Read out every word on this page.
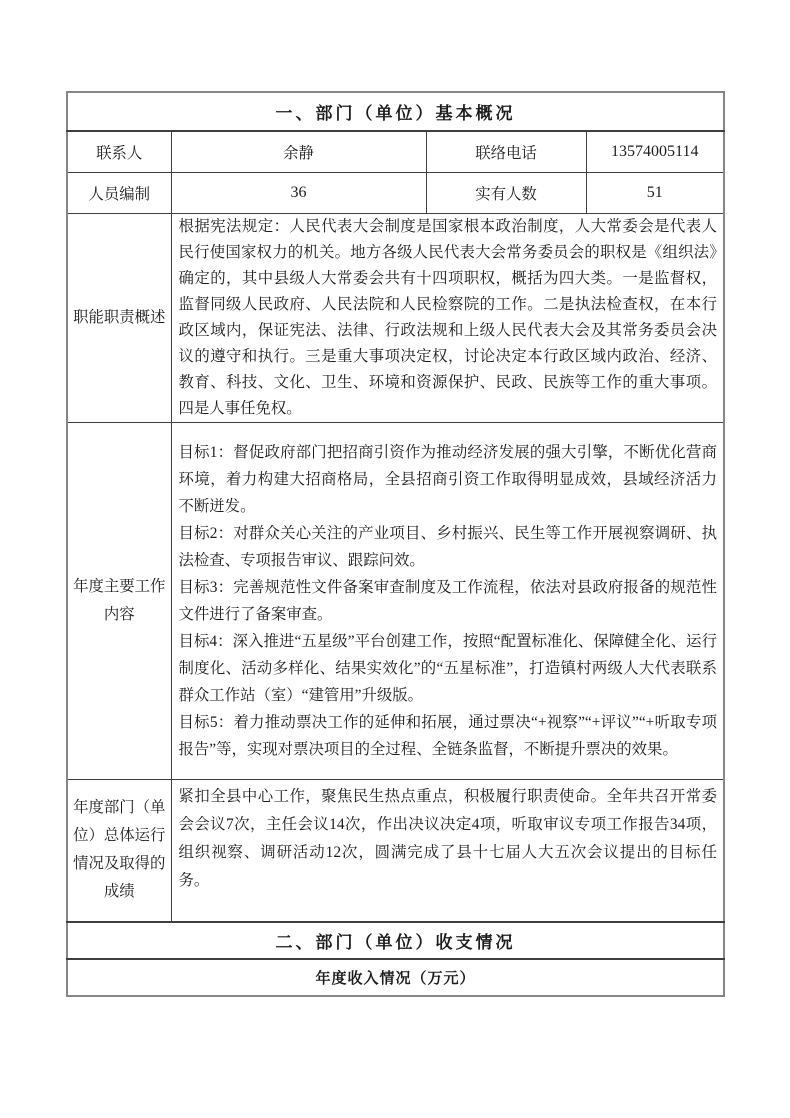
一、部门（单位）基本概况			
联系人	余静	联络电话	13574005114
人员编制	36	实有人数	51
职能职责概述	根据宪法规定：人民代表大会制度是国家根本政治制度，人大常委会是代表人民行使国家权力的机关。地方各级人民代表大会常务委员会的职权是《组织法》确定的，其中县级人大常委会共有十四项职权，概括为四大类。一是监督权，监督同级人民政府、人民法院和人民检察院的工作。二是执法检查权，在本行政区域内，保证宪法、法律、行政法规和上级人民代表大会及其常务委员会决议的遵守和执行。三是重大事项决定权，讨论决定本行政区域内政治、经济、教育、科技、文化、卫生、环境和资源保护、民政、民族等工作的重大事项。四是人事任免权。		
年度主要工作内容	目标1：督促政府部门把招商引资作为推动经济发展的强大引擎，不断优化营商环境，着力构建大招商格局，全县招商引资工作取得明显成效，县域经济活力不断迸发。

目标2：对群众关心关注的产业项目、乡村振兴、民生等工作开展视察调研、执法检查、专项报告审议、跟踪问效。

目标3：完善规范性文件备案审查制度及工作流程，依法对县政府报备的规范性文件进行了备案审查。

目标4：深入推进“五星级”平台创建工作，按照“配置标准化、保障健全化、运行制度化、活动多样化、结果实效化”的“五星标准”，打造镇村两级人大代表联系群众工作站（室）“建管用”升级版。

目标5：着力推动票决工作的延伸和拓展，通过票决“+视察”“+评议”“+听取专项报告”等，实现对票决项目的全过程、全链条监督，不断提升票决的效果。		

年度部门（单位）总体运行情况及取得的成绩	紧扣全县中心工作，聚焦民生热点重点，积极履行职责使命。全年共召开常委会会议7次，主任会议14次，作出决议决定4项，听取审议专项工作报告34项，组织视察、调研活动12次，圆满完成了县十七届人大五次会议提出的目标任务。		
二、部门（单位）收支情况			
年度收入情况（万元）			
